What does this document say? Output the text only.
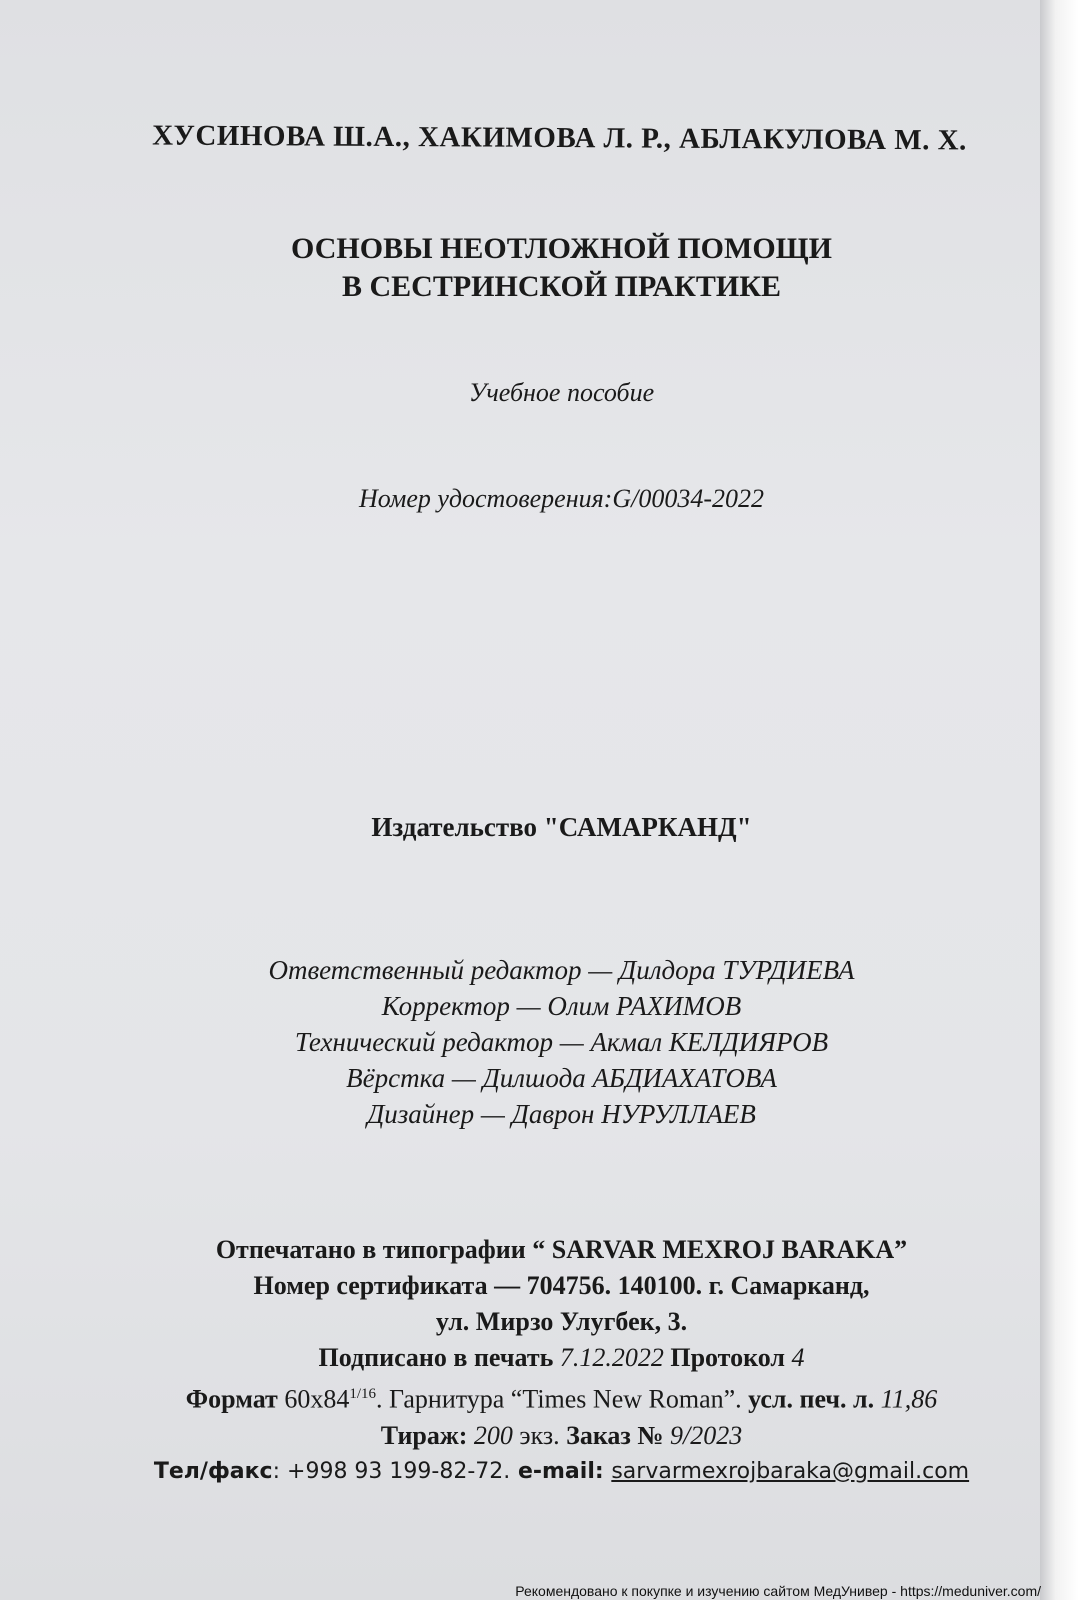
ХУСИНОВА Ш.А., ХАКИМОВА Л. Р., АБЛАКУЛОВА М. Х.
ОСНОВЫ НЕОТЛОЖНОЙ ПОМОЩИ
В СЕСТРИНСКОЙ ПРАКТИКЕ
Учебное пособие
Номер удостоверения:G/00034-2022
Издательство "САМАРКАНД"
Ответственный редактор — Дилдора ТУРДИЕВА
Корректор — Олим РАХИМОВ
Технический редактор — Акмал КЕЛДИЯРОВ
Вёрстка — Дилшода АБДИАХАТОВА
Дизайнер — Даврон НУРУЛЛАЕВ
Отпечатано в типографии “ SARVAR MEXROJ BARAKA”
Номер сертификата — 704756. 140100. г. Самарканд,
ул. Мирзо Улугбек, 3.
Подписано в печать 7.12.2022 Протокол 4
Формат $60x84^{1/16}$. Гарнитура “Times New Roman”. усл. печ. л. 11,86
Тираж: 200 экз. Заказ № 9/2023
Тел/факс: +998 93 199-82-72. e-mail: sarvarmexrojbaraka@gmail.com
Рекомендовано к покупке и изучению сайтом МедУнивер - https://meduniver.com/
